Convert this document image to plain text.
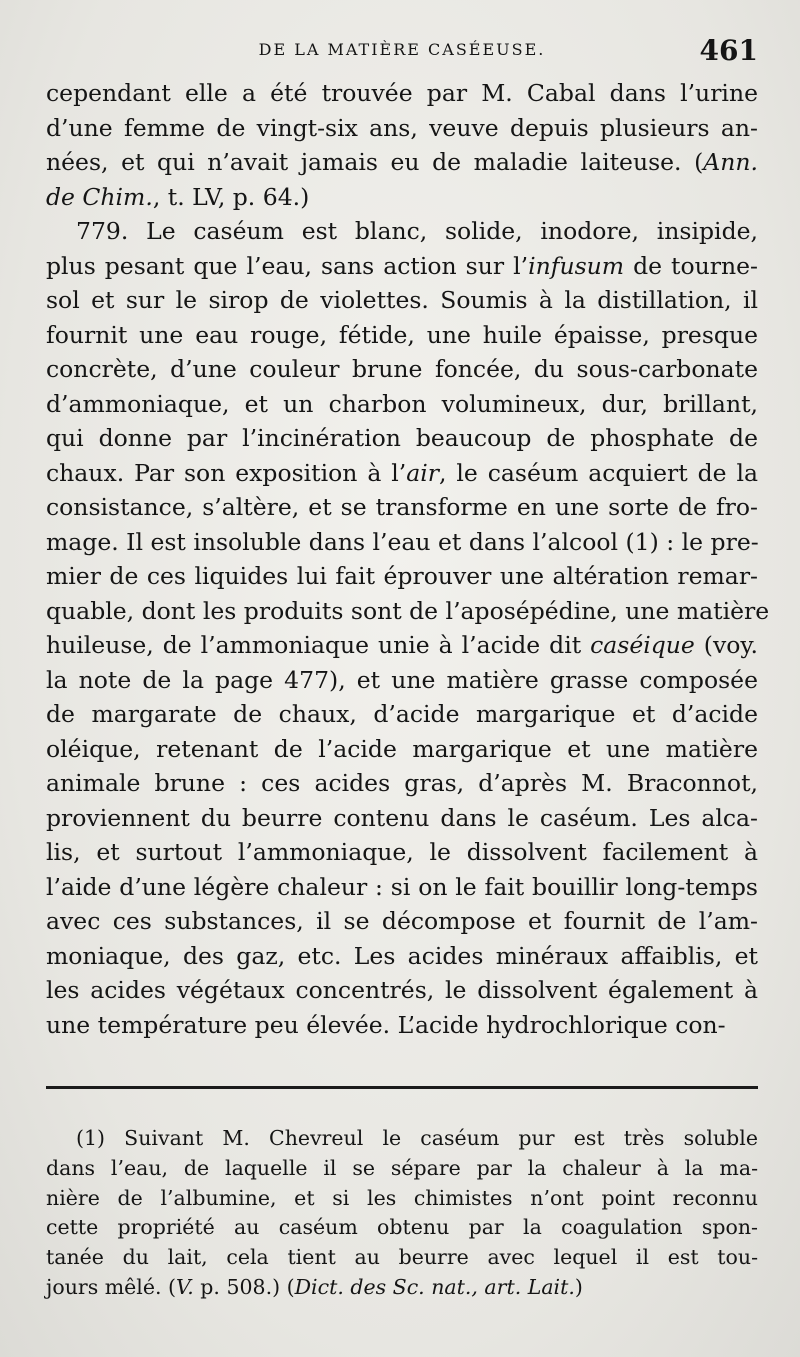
DE LA MATIÈRE CASÉEUSE.	461
cependant elle a été trouvée par M. Cabal dans l’urine
d’une femme de vingt-six ans, veuve depuis plusieurs an-
nées, et qui n’avait jamais eu de maladie laiteuse. (Ann.
de Chim., t. LV, p. 64.)
779. Le caséum est blanc, solide, inodore, insipide,
plus pesant que l’eau, sans action sur l’infusum de tourne-
sol et sur le sirop de violettes. Soumis à la distillation, il
fournit une eau rouge, fétide, une huile épaisse, presque
concrète, d’une couleur brune foncée, du sous-carbonate
d’ammoniaque, et un charbon volumineux, dur, brillant,
qui donne par l’incinération beaucoup de phosphate de
chaux. Par son exposition à l’air, le caséum acquiert de la
consistance, s’altère, et se transforme en une sorte de fro-
mage. Il est insoluble dans l’eau et dans l’alcool (1) : le pre-
mier de ces liquides lui fait éprouver une altération remar-
quable, dont les produits sont de l’aposépédine, une matière
huileuse, de l’ammoniaque unie à l’acide dit caséique (voy.
la note de la page 477), et une matière grasse composée
de margarate de chaux, d’acide margarique et d’acide
oléique, retenant de l’acide margarique et une matière
animale brune : ces acides gras, d’après M. Braconnot,
proviennent du beurre contenu dans le caséum. Les alca-
lis, et surtout l’ammoniaque, le dissolvent facilement à
l’aide d’une légère chaleur : si on le fait bouillir long-temps
avec ces substances, il se décompose et fournit de l’am-
moniaque, des gaz, etc. Les acides minéraux affaiblis, et
les acides végétaux concentrés, le dissolvent également à
une température peu élevée. L’acide hydrochlorique con-
(1) Suivant M. Chevreul le caséum pur est très soluble
dans l’eau, de laquelle il se sépare par la chaleur à la ma-
nière de l’albumine, et si les chimistes n’ont point reconnu
cette propriété au caséum obtenu par la coagulation spon-
tanée du lait, cela tient au beurre avec lequel il est tou-
jours mêlé. (V. p. 508.) (Dict. des Sc. nat., art. Lait.)
